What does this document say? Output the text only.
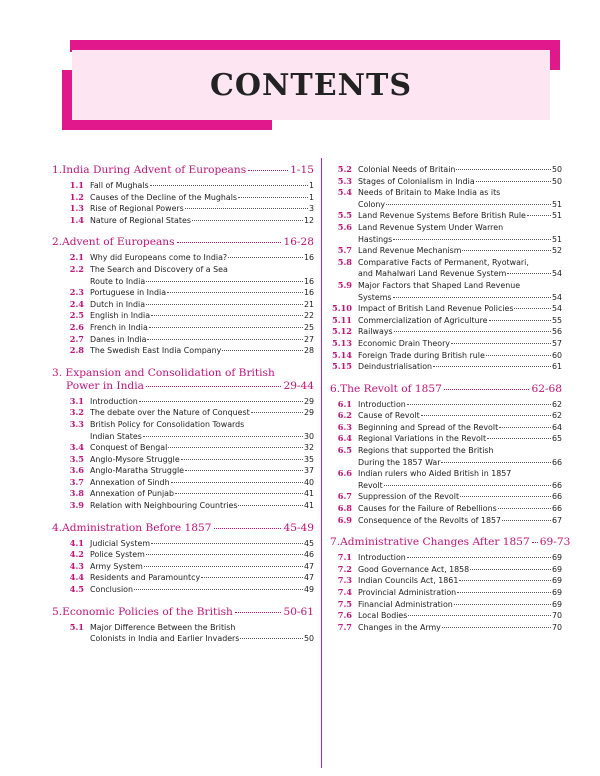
CONTENTS
1. India During Advent of Europeans	1-15
1.1 Fall of Mughals	1
1.2 Causes of the Decline of the Mughals	1
1.3 Rise of Regional Powers	3
1.4 Nature of Regional States	12
2. Advent of Europeans	16-28
2.1 Why did Europeans come to India?	16
2.2 The Search and Discovery of a Sea
Route to India	16
2.3 Portuguese in India	16
2.4 Dutch in India	21
2.5 English in India	22
2.6 French in India	25
2.7 Danes in India	27
2.8 The Swedish East India Company	28
3. Expansion and Consolidation of British
Power in India	29-44
3.1 Introduction	29
3.2 The debate over the Nature of Conquest	29
3.3 British Policy for Consolidation Towards
Indian States	30
3.4 Conquest of Bengal	32
3.5 Anglo-Mysore Struggle	35
3.6 Anglo-Maratha Struggle	37
3.7 Annexation of Sindh	40
3.8 Annexation of Punjab	41
3.9 Relation with Neighbouring Countries	41
4. Administration Before 1857	45-49
4.1 Judicial System	45
4.2 Police System	46
4.3 Army System	47
4.4 Residents and Paramountcy	47
4.5 Conclusion	49
5. Economic Policies of the British	50-61
5.1 Major Difference Between the British
Colonists in India and Earlier Invaders	50
5.2 Colonial Needs of Britain	50
5.3 Stages of Colonialism in India	50
5.4 Needs of Britain to Make India as its
Colony	51
5.5 Land Revenue Systems Before British Rule	51
5.6 Land Revenue System Under Warren
Hastings	51
5.7 Land Revenue Mechanism	52
5.8 Comparative Facts of Permanent, Ryotwari,
and Mahalwari Land Revenue System	54
5.9 Major Factors that Shaped Land Revenue
Systems	54
5.10 Impact of British Land Revenue Policies	54
5.11 Commercialization of Agriculture	55
5.12 Railways	56
5.13 Economic Drain Theory	57
5.14 Foreign Trade during British rule	60
5.15 Deindustrialisation	61
6. The Revolt of 1857	62-68
6.1 Introduction	62
6.2 Cause of Revolt	62
6.3 Beginning and Spread of the Revolt	64
6.4 Regional Variations in the Revolt	65
6.5 Regions that supported the British
During the 1857 War	66
6.6 Indian rulers who Aided British in 1857
Revolt	66
6.7 Suppression of the Revolt	66
6.8 Causes for the Failure of Rebellions	66
6.9 Consequence of the Revolts of 1857	67
7. Administrative Changes After 1857 69-73
7.1 Introduction	69
7.2 Good Governance Act, 1858	69
7.3 Indian Councils Act, 1861	69
7.4 Provincial Administration	69
7.5 Financial Administration	69
7.6 Local Bodies	70
7.7 Changes in the Army	70
